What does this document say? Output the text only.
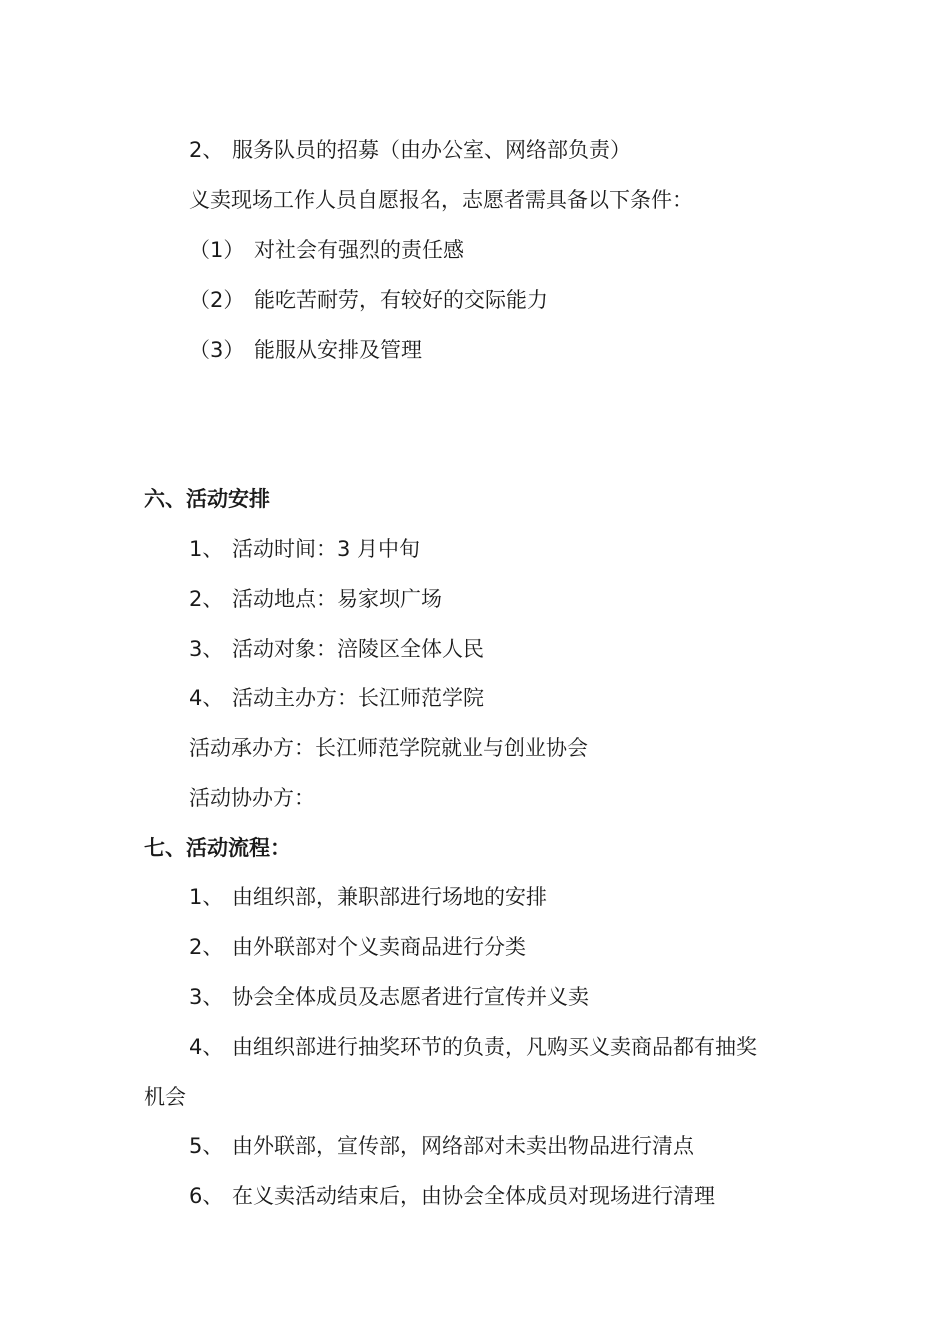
2、 服务队员的招募（由办公室、网络部负责）
义卖现场工作人员自愿报名，志愿者需具备以下条件：
（1） 对社会有强烈的责任感
（2） 能吃苦耐劳，有较好的交际能力
（3） 能服从安排及管理
六、活动安排
1、 活动时间：3 月中旬
2、 活动地点：易家坝广场
3、 活动对象：涪陵区全体人民
4、 活动主办方：长江师范学院
活动承办方：长江师范学院就业与创业协会
活动协办方：
七、活动流程：
1、 由组织部，兼职部进行场地的安排
2、 由外联部对个义卖商品进行分类
3、 协会全体成员及志愿者进行宣传并义卖
4、 由组织部进行抽奖环节的负责，凡购买义卖商品都有抽奖
机会
5、 由外联部，宣传部，网络部对未卖出物品进行清点
6、 在义卖活动结束后，由协会全体成员对现场进行清理
